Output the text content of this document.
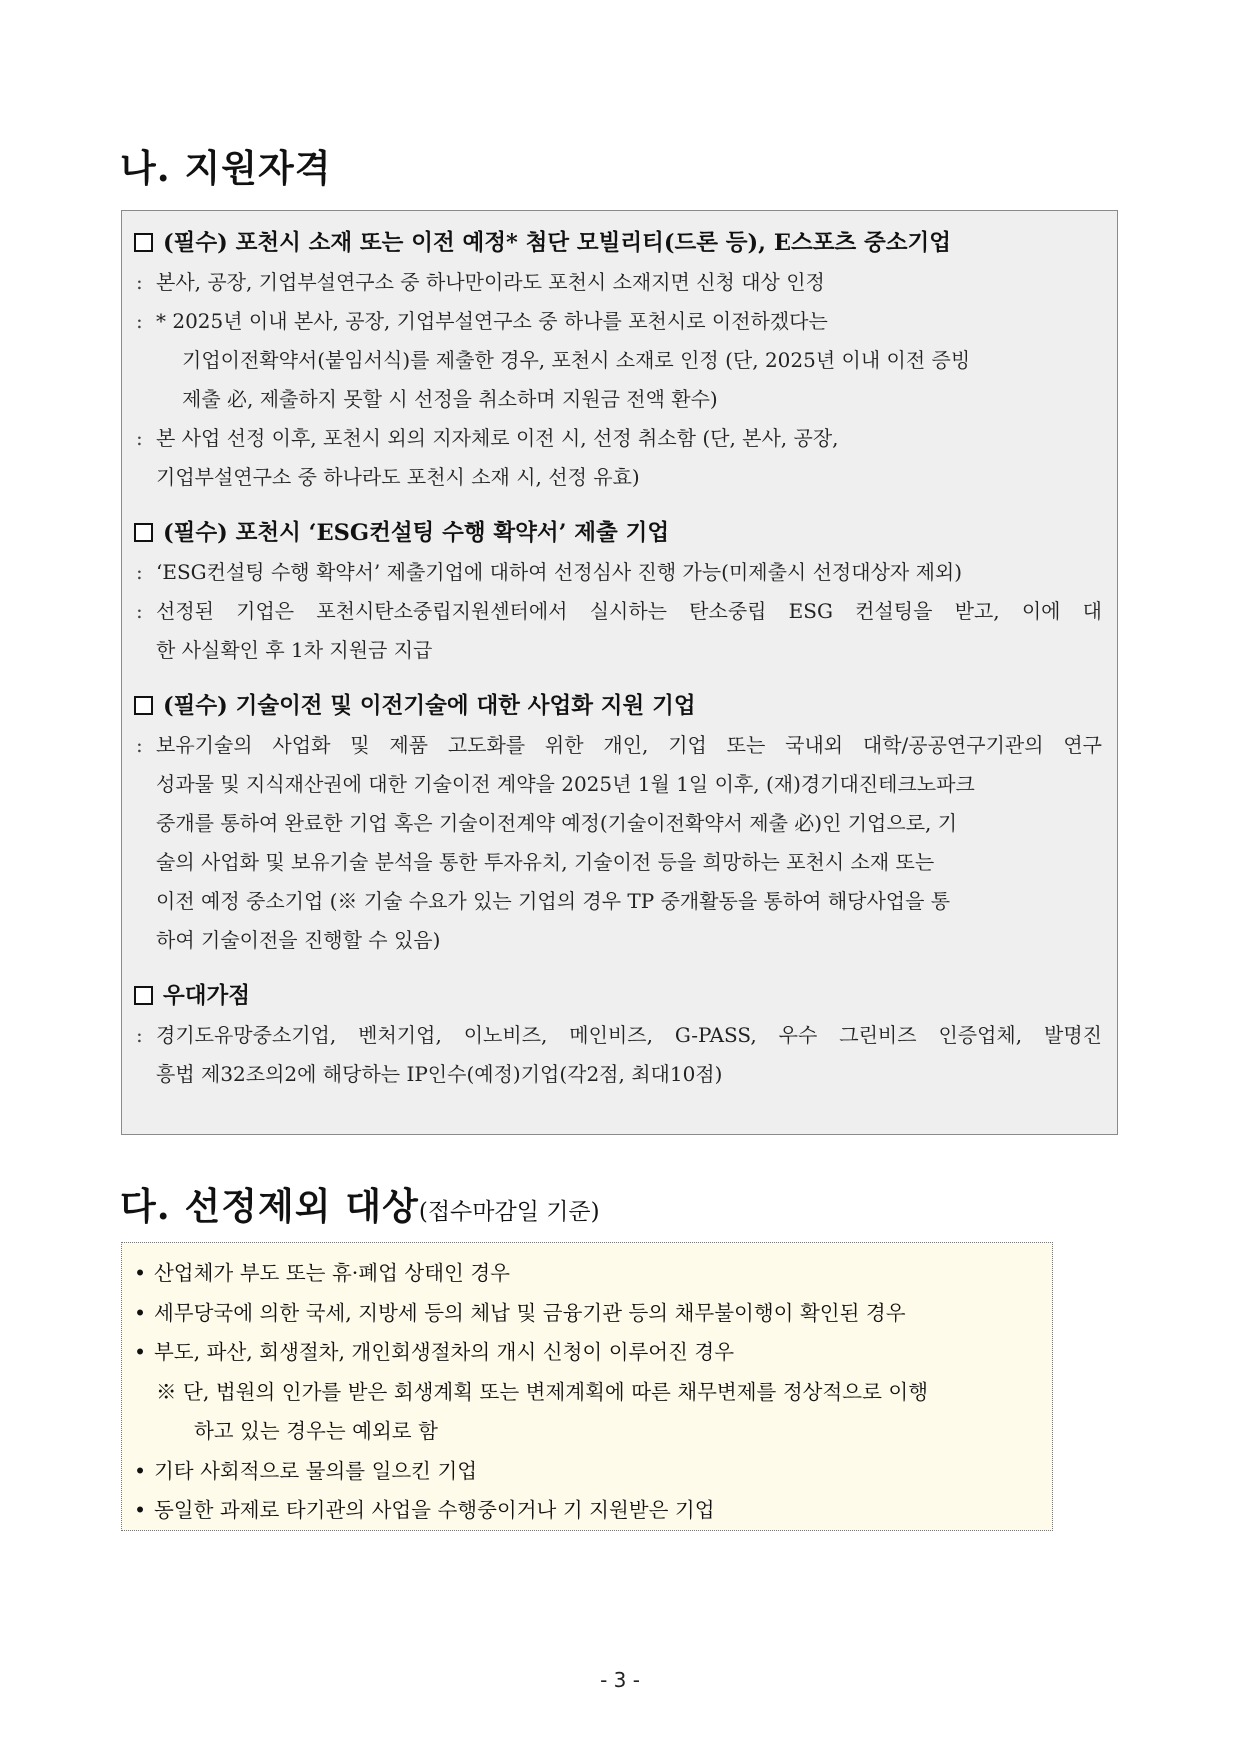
나. 지원자격
(필수) 포천시 소재 또는 이전 예정* 첨단 모빌리티(드론 등), E스포츠 중소기업
: 본사, 공장, 기업부설연구소 중 하나만이라도 포천시 소재지면 신청 대상 인정
: * 2025년 이내 본사, 공장, 기업부설연구소 중 하나를 포천시로 이전하겠다는
기업이전확약서(붙임서식)를 제출한 경우, 포천시 소재로 인정 (단, 2025년 이내 이전 증빙
제출 必, 제출하지 못할 시 선정을 취소하며 지원금 전액 환수)
: 본 사업 선정 이후, 포천시 외의 지자체로 이전 시, 선정 취소함 (단, 본사, 공장,
기업부설연구소 중 하나라도 포천시 소재 시, 선정 유효)
(필수) 포천시 ‘ESG컨설팅 수행 확약서’ 제출 기업
: ‘ESG컨설팅 수행 확약서’ 제출기업에 대하여 선정심사 진행 가능(미제출시 선정대상자 제외)
: 선정된 기업은 포천시탄소중립지원센터에서 실시하는 탄소중립 ESG 컨설팅을 받고, 이에 대
한 사실확인 후 1차 지원금 지급
(필수) 기술이전 및 이전기술에 대한 사업화 지원 기업
: 보유기술의 사업화 및 제품 고도화를 위한 개인, 기업 또는 국내외 대학/공공연구기관의 연구
성과물 및 지식재산권에 대한 기술이전 계약을 2025년 1월 1일 이후, (재)경기대진테크노파크
중개를 통하여 완료한 기업 혹은 기술이전계약 예정(기술이전확약서 제출 必)인 기업으로, 기
술의 사업화 및 보유기술 분석을 통한 투자유치, 기술이전 등을 희망하는 포천시 소재 또는
이전 예정 중소기업 (※ 기술 수요가 있는 기업의 경우 TP 중개활동을 통하여 해당사업을 통
하여 기술이전을 진행할 수 있음)
우대가점
: 경기도유망중소기업, 벤처기업, 이노비즈, 메인비즈, G-PASS, 우수 그린비즈 인증업체, 발명진
흥법 제32조의2에 해당하는 IP인수(예정)기업(각2점, 최대10점)
다. 선정제외 대상(접수마감일 기준)
• 산업체가 부도 또는 휴·폐업 상태인 경우
• 세무당국에 의한 국세, 지방세 등의 체납 및 금융기관 등의 채무불이행이 확인된 경우
• 부도, 파산, 회생절차, 개인회생절차의 개시 신청이 이루어진 경우
※ 단, 법원의 인가를 받은 회생계획 또는 변제계획에 따른 채무변제를 정상적으로 이행
하고 있는 경우는 예외로 함
• 기타 사회적으로 물의를 일으킨 기업
• 동일한 과제로 타기관의 사업을 수행중이거나 기 지원받은 기업
- 3 -
